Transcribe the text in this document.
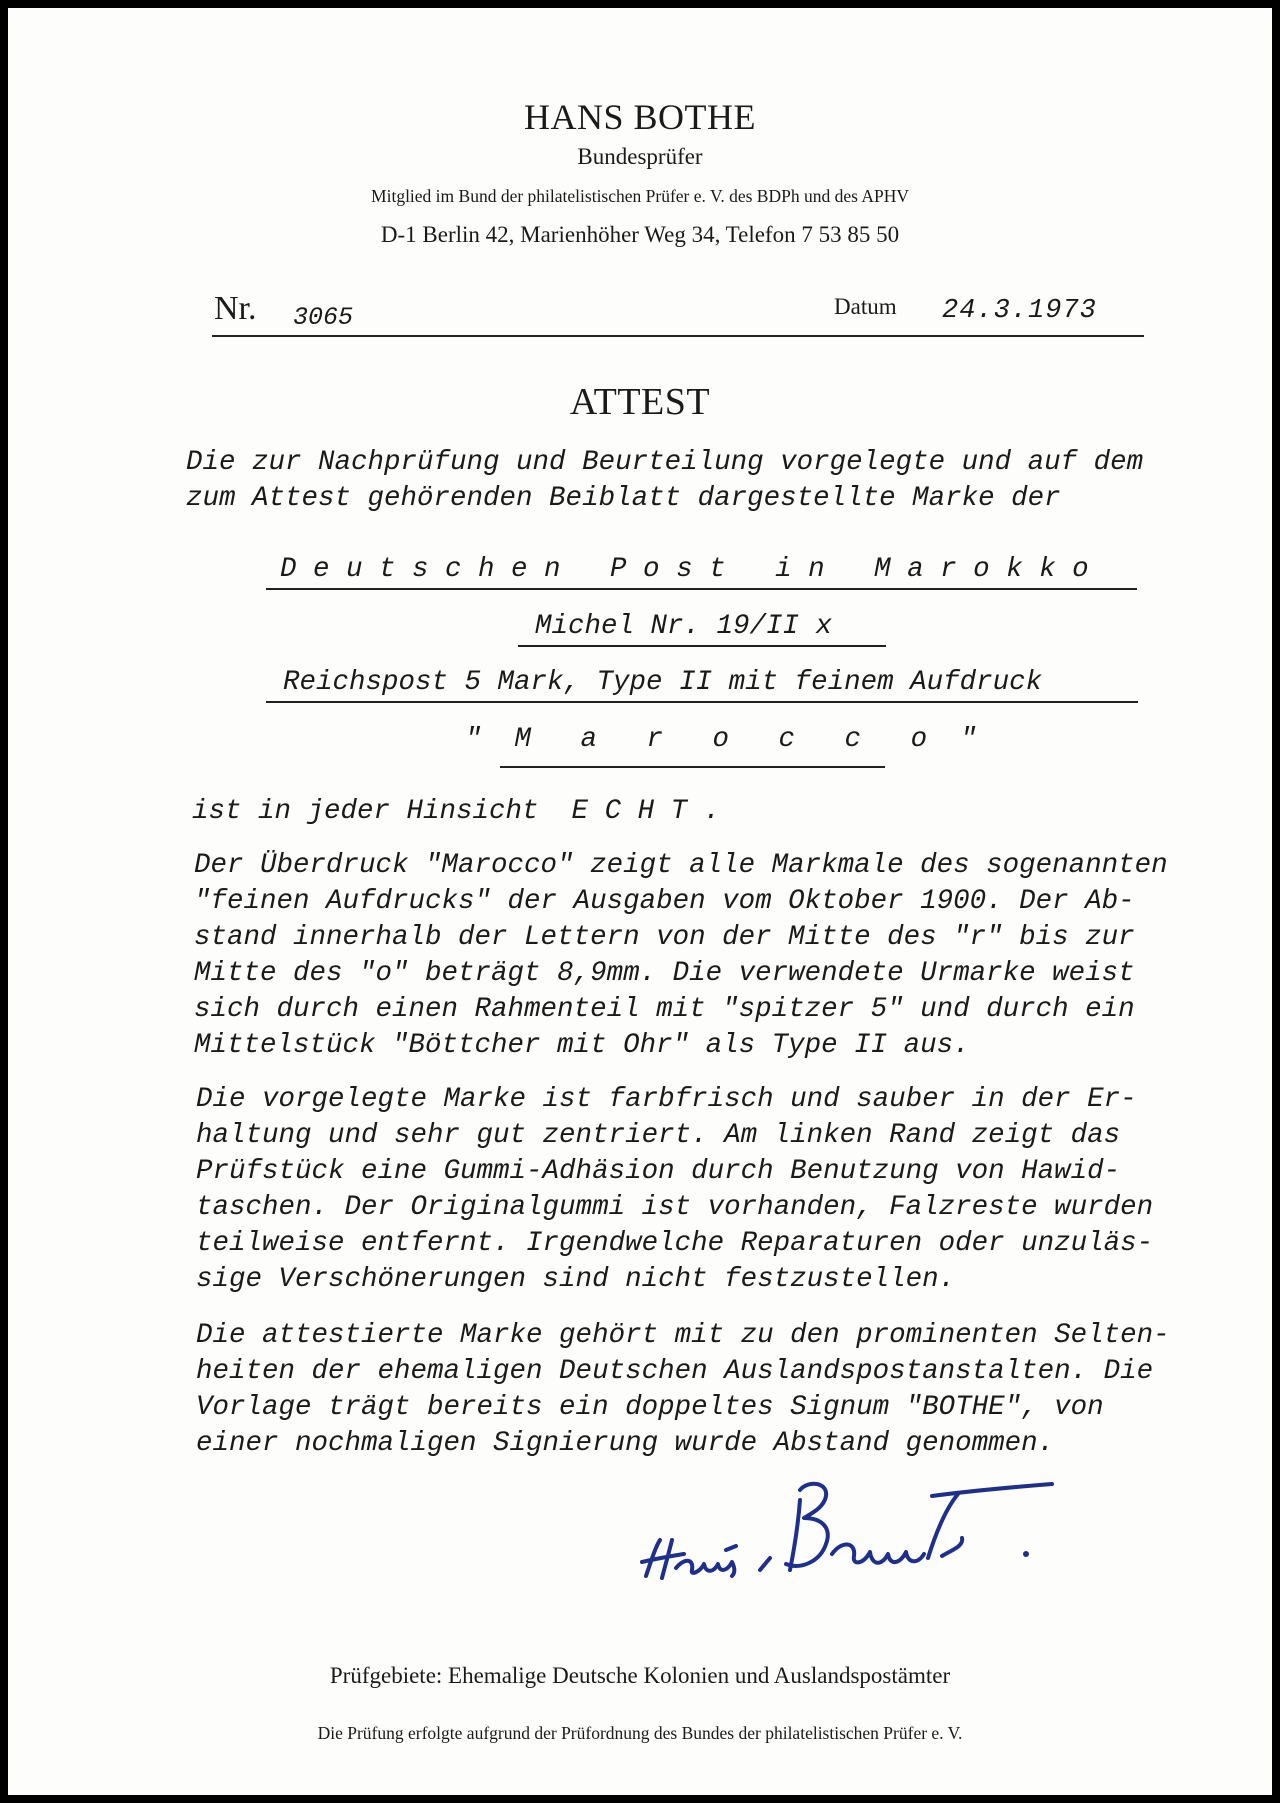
HANS BOTHE
Bundesprüfer
Mitglied im Bund der philatelistischen Prüfer e. V. des BDPh und des APHV
D-1 Berlin 42, Marienhöher Weg 34, Telefon 7 53 85 50
Nr. 3065	Datum 24.3.1973
ATTEST
Die zur Nachprüfung und Beurteilung vorgelegte und auf dem
zum Attest gehörenden Beiblatt dargestellte Marke der
D e u t s c h e n   P o s t   i n   M a r o k k o
Michel Nr. 19/II x
Reichspost 5 Mark, Type II mit feinem Aufdruck
"  M   a   r   o   c   c   o  "
ist in jeder Hinsicht  E C H T .
Der Überdruck "Marocco" zeigt alle Markmale des sogenannten
"feinen Aufdrucks" der Ausgaben vom Oktober 1900. Der Ab-
stand innerhalb der Lettern von der Mitte des "r" bis zur
Mitte des "o" beträgt 8,9mm. Die verwendete Urmarke weist
sich durch einen Rahmenteil mit "spitzer 5" und durch ein
Mittelstück "Böttcher mit Ohr" als Type II aus.
Die vorgelegte Marke ist farbfrisch und sauber in der Er-
haltung und sehr gut zentriert. Am linken Rand zeigt das
Prüfstück eine Gummi-Adhäsion durch Benutzung von Hawid-
taschen. Der Originalgummi ist vorhanden, Falzreste wurden
teilweise entfernt. Irgendwelche Reparaturen oder unzuläs-
sige Verschönerungen sind nicht festzustellen.
Die attestierte Marke gehört mit zu den prominenten Selten-
heiten der ehemaligen Deutschen Auslandspostanstalten. Die
Vorlage trägt bereits ein doppeltes Signum "BOTHE", von
einer nochmaligen Signierung wurde Abstand genommen.
Prüfgebiete: Ehemalige Deutsche Kolonien und Auslandspostämter
Die Prüfung erfolgte aufgrund der Prüfordnung des Bundes der philatelistischen Prüfer e. V.
